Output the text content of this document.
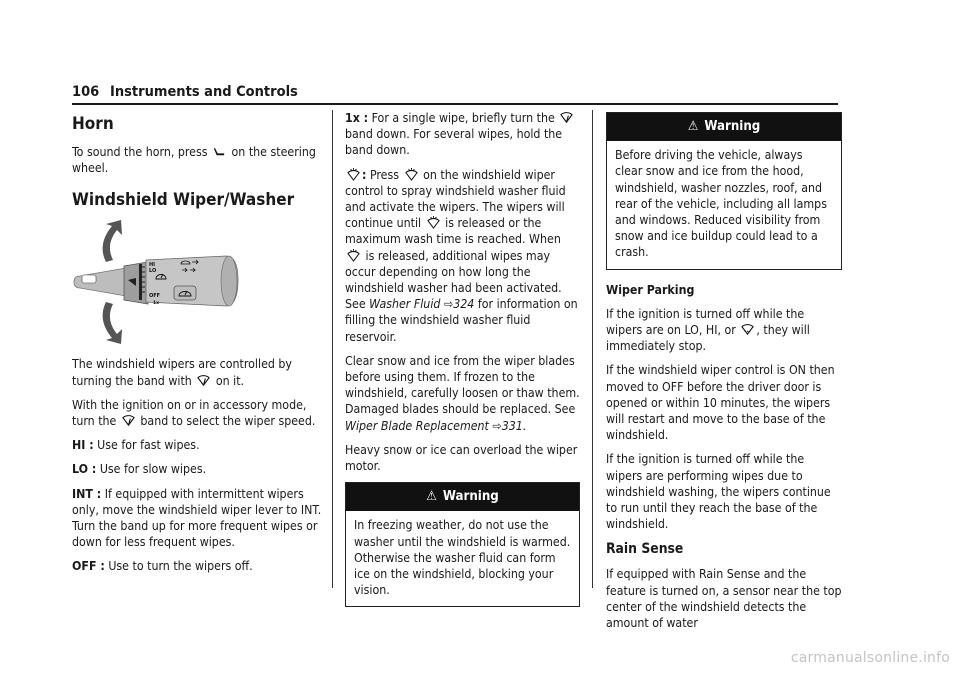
106 Instruments and Controls
Horn

To sound the horn, press on the steering wheel.

Windshield Wiper/Washer
HI
LO
OFF
1x

The windshield wipers are controlled by turning the band with on it.

With the ignition on or in accessory mode, turn the band to select the wiper speed.

HI : Use for fast wipes.

LO : Use for slow wipes.

INT : If equipped with intermittent wipers only, move the windshield wiper lever to INT. Turn the band up for more frequent wipes or down for less frequent wipes.

OFF : Use to turn the wipers off.

1x : For a single wipe, briefly turn the
band down. For several wipes, hold the band down.

: Press on the windshield wiper control to spray windshield washer fluid and activate the wipers. The wipers will continue until is released or the maximum wash time is reached. When
is released, additional wipes may occur depending on how long the windshield washer had been activated. See Washer Fluid ⇨324 for information on filling the windshield washer fluid reservoir.

Clear snow and ice from the wiper blades before using them. If frozen to the windshield, carefully loosen or thaw them. Damaged blades should be replaced. See Wiper Blade Replacement ⇨331.

Heavy snow or ice can overload the wiper motor.

⚠ Warning
In freezing weather, do not use the washer until the windshield is warmed. Otherwise the washer fluid can form ice on the windshield, blocking your vision.
⚠ Warning
Before driving the vehicle, always clear snow and ice from the hood, windshield, washer nozzles, roof, and rear of the vehicle, including all lamps and windows. Reduced visibility from snow and ice buildup could lead to a crash.

Wiper Parking

If the ignition is turned off while the wipers are on LO, HI, or , they will immediately stop.

If the windshield wiper control is ON then moved to OFF before the driver door is opened or within 10 minutes, the wipers will restart and move to the base of the windshield.

If the ignition is turned off while the wipers are performing wipes due to windshield washing, the wipers continue to run until they reach the base of the windshield.

Rain Sense

If equipped with Rain Sense and the feature is turned on, a sensor near the top center of the windshield detects the amount of water

carmanualsonline.info
